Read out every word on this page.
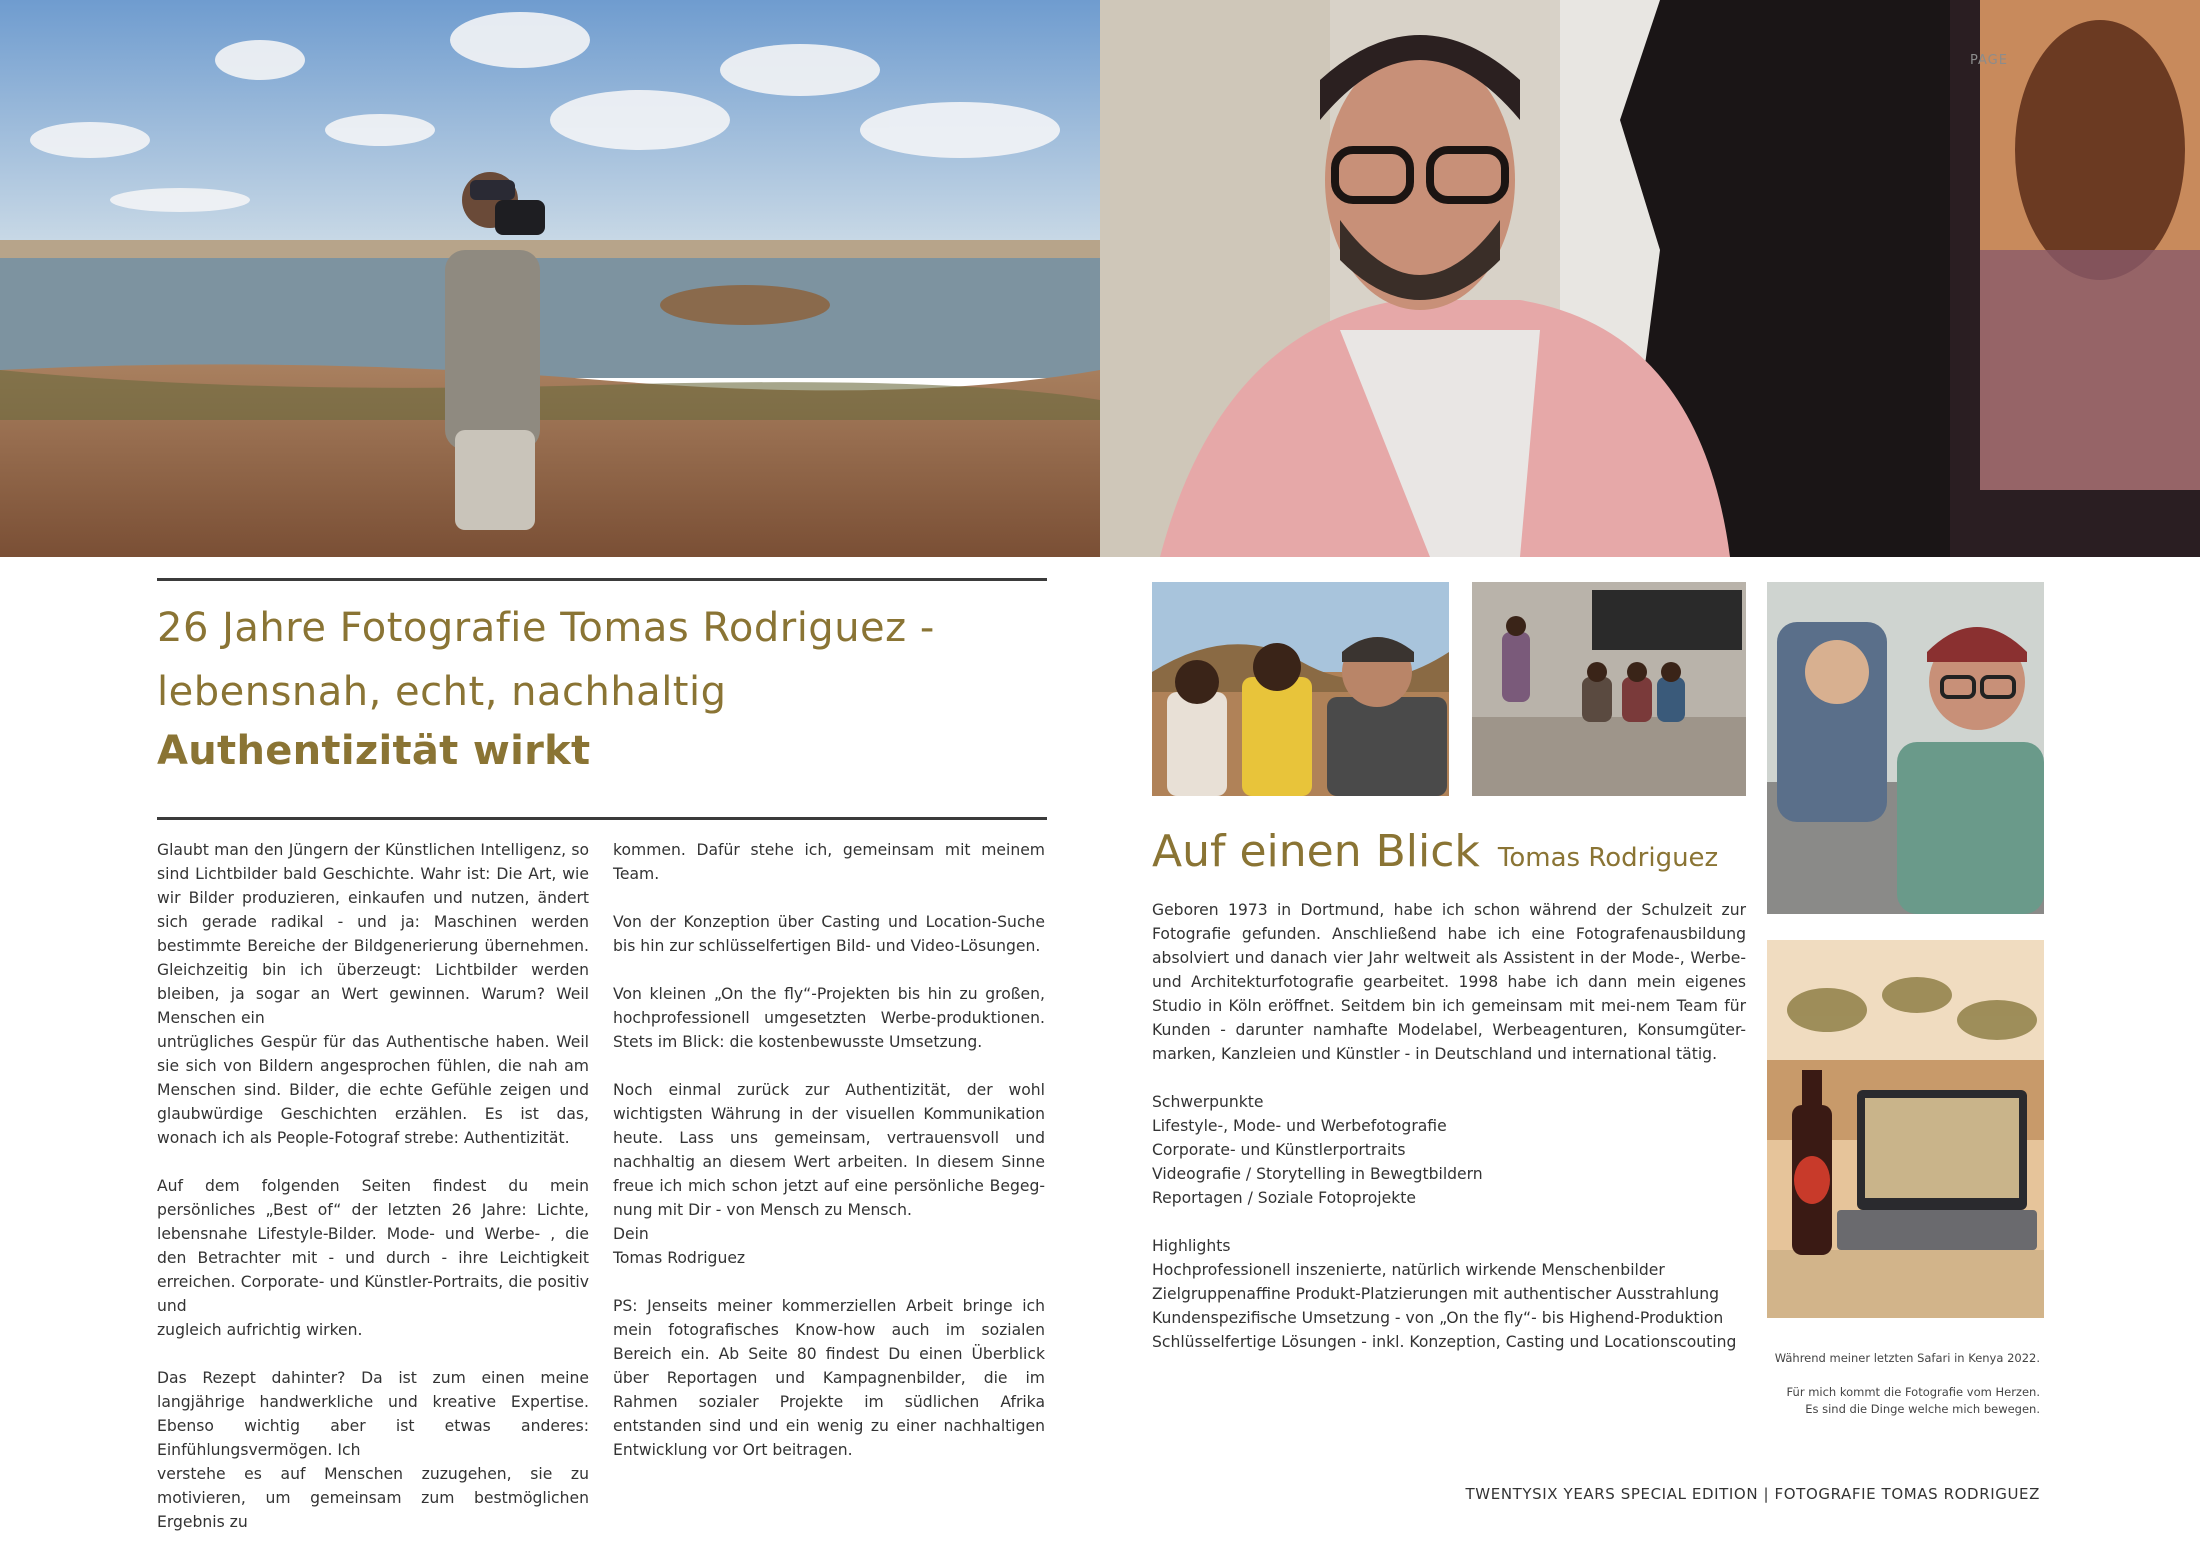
PAGE
26 Jahre Fotografie Tomas Rodriguez -
lebensnah, echt, nachhaltig
Authentizität wirkt

Glaubt man den Jüngern der Künstlichen Intelligenz, so sind Lichtbilder bald Geschichte. Wahr ist: Die Art, wie wir Bilder produzieren, einkaufen und nutzen, ändert sich gerade radikal - und ja: Maschinen werden bestimmte Bereiche der Bildgenerierung übernehmen. Gleichzeitig bin ich überzeugt: Lichtbilder werden bleiben, ja sogar an Wert gewinnen. Warum? Weil Menschen ein

untrügliches Gespür für das Authentische haben. Weil sie sich von Bildern angesprochen fühlen, die nah am Menschen sind. Bilder, die echte Gefühle zeigen und glaubwürdige Geschichten erzählen. Es ist das, wonach ich als People-Fotograf strebe: Authentizität.

Auf dem folgenden Seiten findest du mein persönliches „Best of“ der letzten 26 Jahre: Lichte, lebensnahe Lifestyle-Bilder. Mode- und Werbe- , die den Betrachter mit - und durch - ihre Leichtigkeit erreichen. Corporate- und Künstler-Portraits, die positiv und

zugleich aufrichtig wirken.

Das Rezept dahinter? Da ist zum einen meine langjährige handwerkliche und kreative Expertise. Ebenso wichtig aber ist etwas anderes: Einfühlungsvermögen. Ich

verstehe es auf Menschen zuzugehen, sie zu motivieren, um gemeinsam zum bestmöglichen Ergebnis zu

kommen. Dafür stehe ich, gemeinsam mit meinem Team.

Von der Konzeption über Casting und Location-Suche bis hin zur schlüsselfertigen Bild- und Video-Lösungen.

Von kleinen „On the fly“-Projekten bis hin zu großen, hochprofessionell umgesetzten Werbe-produktionen. Stets im Blick: die kostenbewusste Umsetzung.

Noch einmal zurück zur Authentizität, der wohl wichtigsten Währung in der visuellen Kommunikation heute. Lass uns gemeinsam, vertrauensvoll und nachhaltig an diesem Wert arbeiten. In diesem Sinne freue ich mich schon jetzt auf eine persönliche Begeg-nung mit Dir - von Mensch zu Mensch.

Dein
Tomas Rodriguez

PS: Jenseits meiner kommerziellen Arbeit bringe ich mein fotografisches Know-how auch im sozialen Bereich ein. Ab Seite 80 findest Du einen Überblick über Reportagen und Kampagnenbilder, die im Rahmen sozialer Projekte im südlichen Afrika entstanden sind und ein wenig zu einer nachhaltigen Entwicklung vor Ort beitragen.

Auf einen Blick Tomas Rodriguez

Geboren 1973 in Dortmund, habe ich schon während der Schulzeit zur Fotografie gefunden. Anschließend habe ich eine Fotografenausbildung absolviert und danach vier Jahr weltweit als Assistent in der Mode-, Werbe- und Architekturfotografie gearbeitet. 1998 habe ich dann mein eigenes Studio in Köln eröffnet. Seitdem bin ich gemeinsam mit mei-nem Team für Kunden - darunter namhafte Modelabel, Werbeagenturen, Konsumgüter-marken, Kanzleien und Künstler - in Deutschland und international tätig.

Schwerpunkte
Lifestyle-, Mode- und Werbefotografie
Corporate- und Künstlerportraits
Videografie / Storytelling in Bewegtbildern
Reportagen / Soziale Fotoprojekte
Highlights
Hochprofessionell inszenierte, natürlich wirkende Menschenbilder
Zielgruppenaffine Produkt-Platzierungen mit authentischer Ausstrahlung
Kundenspezifische Umsetzung - von „On the fly“- bis Highend-Produktion
Schlüsselfertige Lösungen - inkl. Konzeption, Casting und Locationscouting
Während meiner letzten Safari in Kenya 2022.
Für mich kommt die Fotografie vom Herzen.
Es sind die Dinge welche mich bewegen.
TWENTYSIX YEARS SPECIAL EDITION | FOTOGRAFIE TOMAS RODRIGUEZ
